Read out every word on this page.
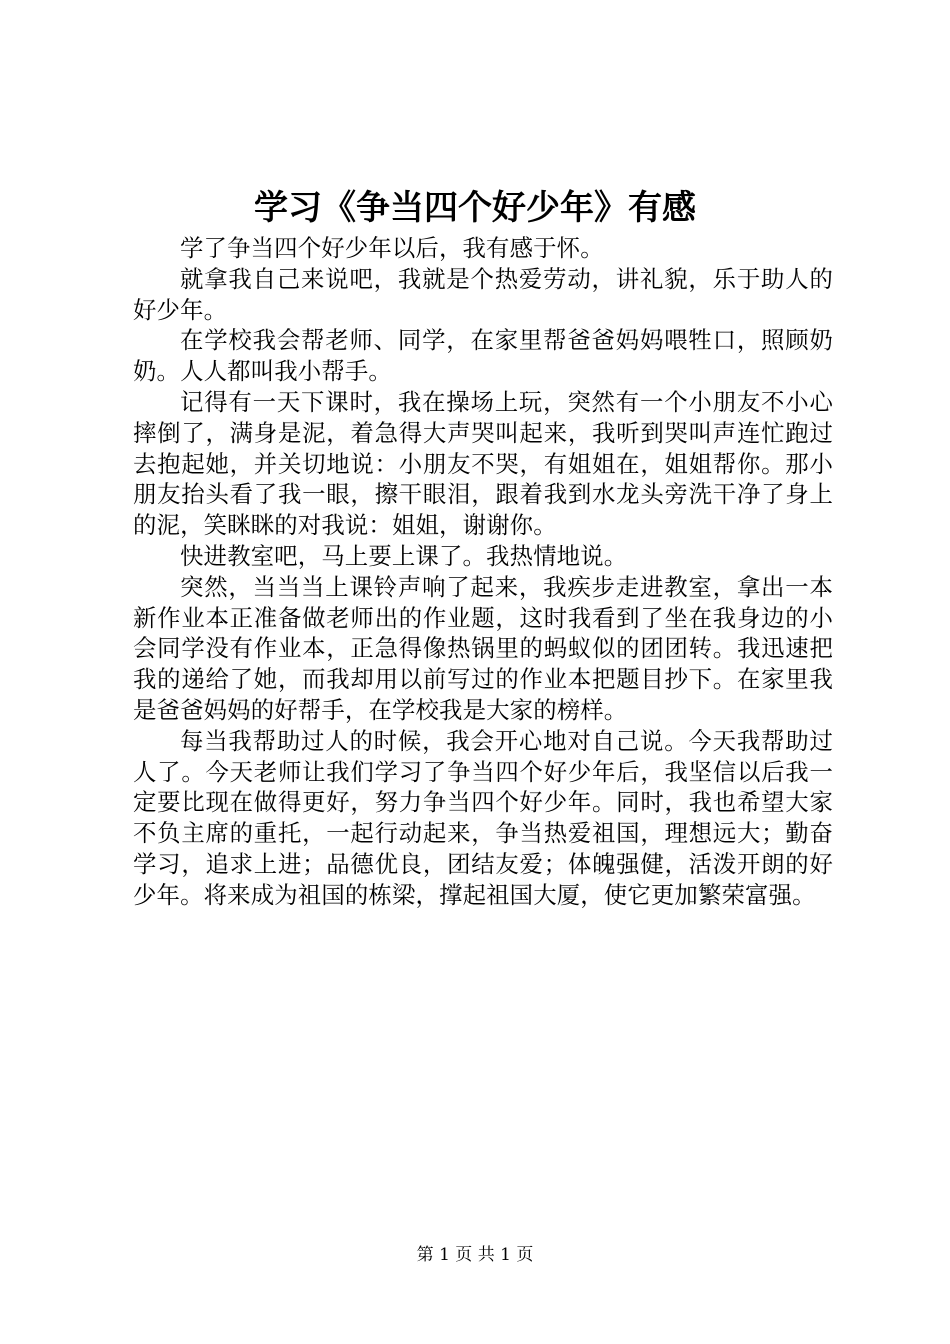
学习《争当四个好少年》有感

学了争当四个好少年以后，我有感于怀。

就拿我自己来说吧，我就是个热爱劳动，讲礼貌，乐于助人的好少年。

在学校我会帮老师、同学，在家里帮爸爸妈妈喂牲口，照顾奶奶。人人都叫我小帮手。

记得有一天下课时，我在操场上玩，突然有一个小朋友不小心摔倒了，满身是泥，着急得大声哭叫起来，我听到哭叫声连忙跑过去抱起她，并关切地说：小朋友不哭，有姐姐在，姐姐帮你。那小朋友抬头看了我一眼，擦干眼泪，跟着我到水龙头旁洗干净了身上的泥，笑眯眯的对我说：姐姐，谢谢你。

快进教室吧，马上要上课了。我热情地说。

突然，当当当上课铃声响了起来，我疾步走进教室，拿出一本新作业本正准备做老师出的作业题，这时我看到了坐在我身边的小会同学没有作业本，正急得像热锅里的蚂蚁似的团团转。我迅速把我的递给了她，而我却用以前写过的作业本把题目抄下。在家里我是爸爸妈妈的好帮手，在学校我是大家的榜样。

每当我帮助过人的时候，我会开心地对自己说。今天我帮助过人了。今天老师让我们学习了争当四个好少年后，我坚信以后我一定要比现在做得更好，努力争当四个好少年。同时，我也希望大家不负主席的重托，一起行动起来，争当热爱祖国，理想远大；勤奋学习，追求上进；品德优良，团结友爱；体魄强健，活泼开朗的好少年。将来成为祖国的栋梁，撑起祖国大厦，使它更加繁荣富强。

第 1 页 共 1 页
